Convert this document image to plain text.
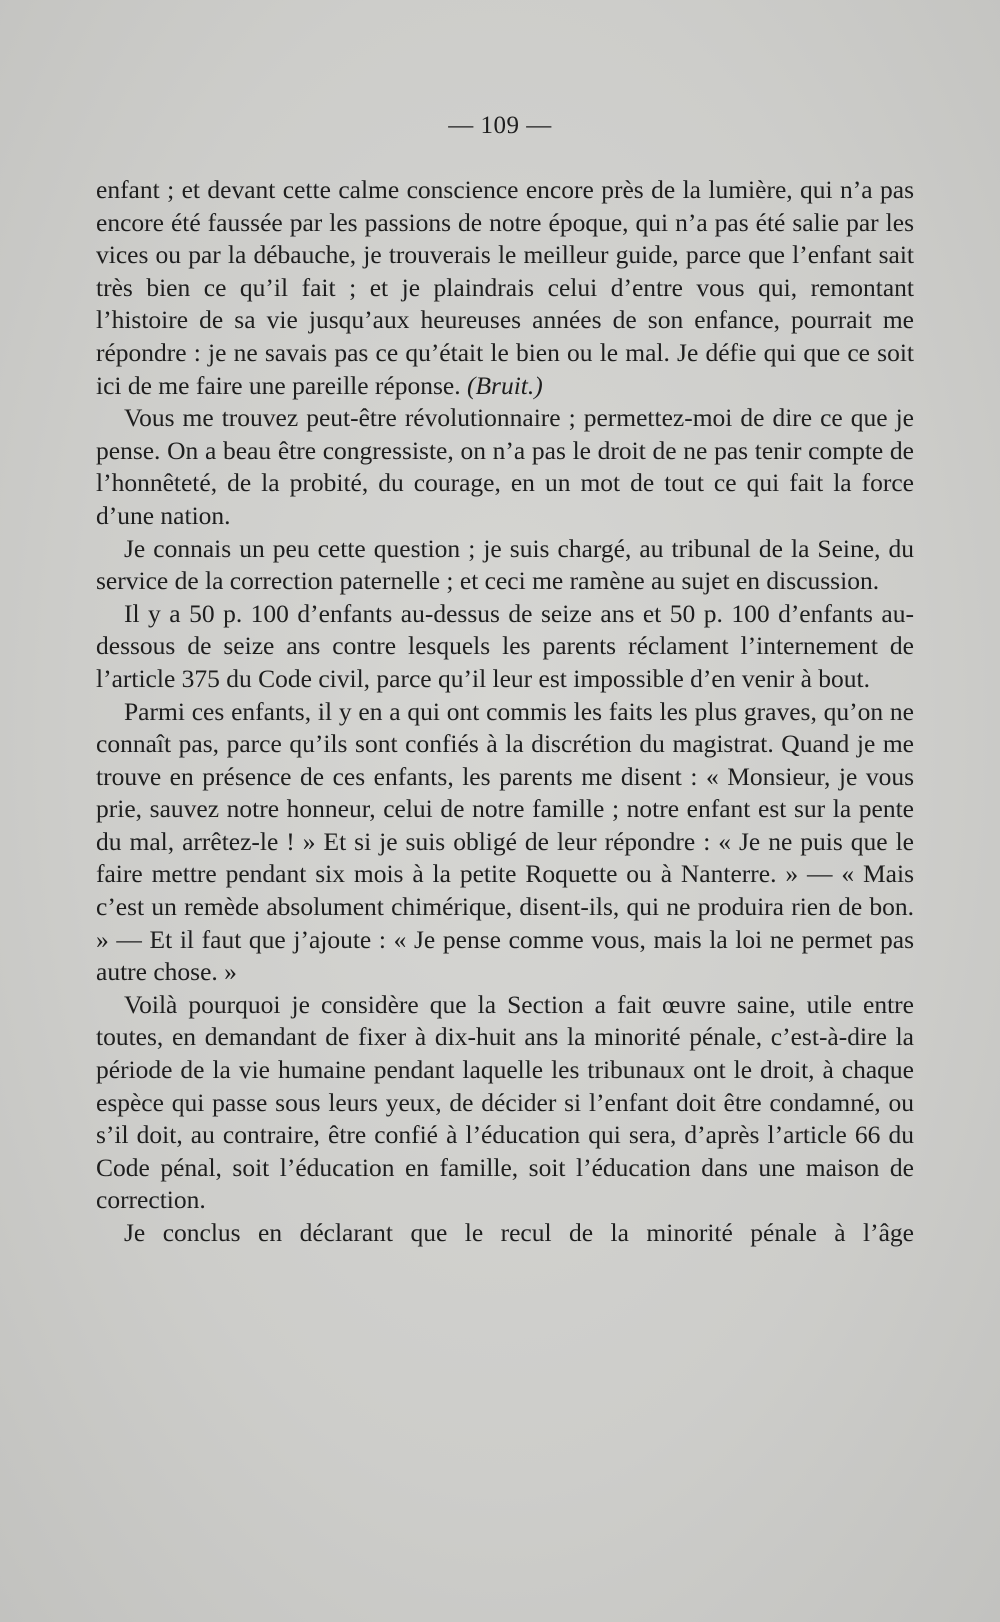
— 109 —

enfant ; et devant cette calme conscience encore près de la lumière, qui n’a pas encore été faussée par les passions de notre époque, qui n’a pas été salie par les vices ou par la débauche, je trouverais le meilleur guide, parce que l’enfant sait très bien ce qu’il fait ; et je plaindrais celui d’entre vous qui, remontant l’histoire de sa vie jusqu’aux heureuses années de son enfance, pourrait me répondre : je ne savais pas ce qu’était le bien ou le mal. Je défie qui que ce soit ici de me faire une pareille réponse. (Bruit.)

Vous me trouvez peut-être révolutionnaire ; permettez-moi de dire ce que je pense. On a beau être congressiste, on n’a pas le droit de ne pas tenir compte de l’honnêteté, de la probité, du courage, en un mot de tout ce qui fait la force d’une nation.

Je connais un peu cette question ; je suis chargé, au tribunal de la Seine, du service de la correction paternelle ; et ceci me ramène au sujet en discussion.

Il y a 50 p. 100 d’enfants au-dessus de seize ans et 50 p. 100 d’enfants au-dessous de seize ans contre lesquels les parents réclament l’internement de l’article 375 du Code civil, parce qu’il leur est impossible d’en venir à bout.

Parmi ces enfants, il y en a qui ont commis les faits les plus graves, qu’on ne connaît pas, parce qu’ils sont confiés à la discrétion du magistrat. Quand je me trouve en présence de ces enfants, les parents me disent : « Monsieur, je vous prie, sauvez notre honneur, celui de notre famille ; notre enfant est sur la pente du mal, arrêtez-le ! » Et si je suis obligé de leur répondre : « Je ne puis que le faire mettre pendant six mois à la petite Roquette ou à Nanterre. » — « Mais c’est un remède absolument chimérique, disent-ils, qui ne produira rien de bon. » — Et il faut que j’ajoute : « Je pense comme vous, mais la loi ne permet pas autre chose. »

Voilà pourquoi je considère que la Section a fait œuvre saine, utile entre toutes, en demandant de fixer à dix-huit ans la minorité pénale, c’est-à-dire la période de la vie humaine pendant laquelle les tribunaux ont le droit, à chaque espèce qui passe sous leurs yeux, de décider si l’enfant doit être condamné, ou s’il doit, au contraire, être confié à l’éducation qui sera, d’après l’article 66 du Code pénal, soit l’éducation en famille, soit l’éducation dans une maison de correction.

Je conclus en déclarant que le recul de la minorité pénale à l’âge
